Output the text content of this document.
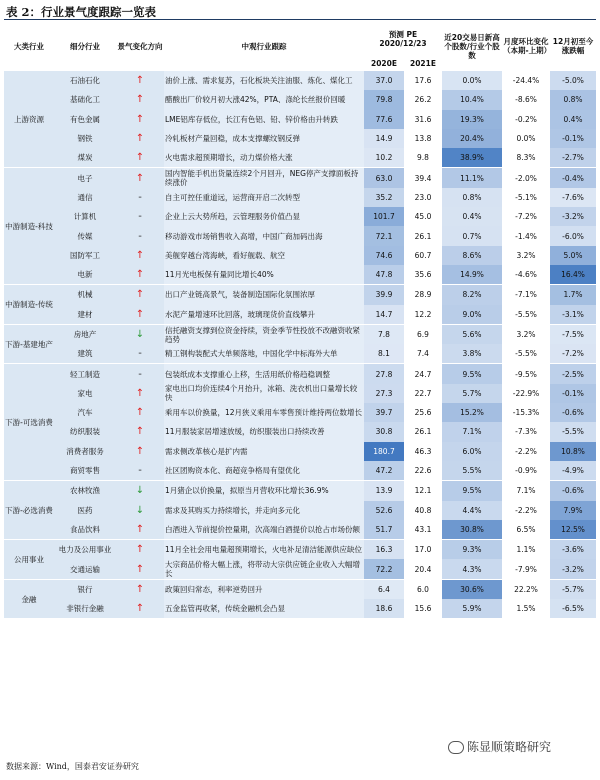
表 2：行业景气度跟踪一览表
大类行业	细分行业	景气变化方向	中观行业跟踪	预测 PE 2020/12/23		近20交易日新高个股数/行业个股数	月度环比变化（本期-上期）	12月初至今涨跌幅
				2020E	2021E			
上游资源	石油石化	↑	油价上涨、需求复苏，石化板块关注油服、炼化、煤化工	37.0	17.6	0.0%	-24.4%	-5.0%
	基础化工	↑	醋酸出厂价较月初大涨42%，PTA、涤纶长丝报价回暖	79.8	26.2	10.4%	-8.6%	0.8%
	有色金属	↑	LME铝库存低位，长江有色铝、铅、锌价格由升转跌	77.6	31.6	19.3%	-0.2%	0.4%
	钢铁	↑	冷轧板材产量回稳，成本支撑螺纹钢反弹	14.9	13.8	20.4%	0.0%	-0.1%
	煤炭	↑	火电需求超预期增长，动力煤价格大涨	10.2	9.8	38.9%	8.3%	-2.7%
中游制造-科技	电子	↑	国内智能手机出货量连续2个月回升，NEG停产支撑面板持续涨价	63.0	39.4	11.1%	-2.0%	-0.4%
	通信	-	自主可控任重道远，运营商开启二次转型	35.2	23.0	0.8%	-5.1%	-7.6%
	计算机	-	企业上云大势所趋，云管理服务价值凸显	101.7	45.0	0.4%	-7.2%	-3.2%
	传媒	-	移动游戏市场销售收入高增，中国广商加码出海	72.1	26.1	0.7%	-1.4%	-6.0%
	国防军工	↑	美舰穿越台湾海峡，看好舰载、航空	74.6	60.7	8.6%	3.2%	5.0%
	电新	↑	11月光电板保有量同比增长40%	47.8	35.6	14.9%	-4.6%	16.4%
中游制造-传统	机械	↑	出口产业链高景气，装备制造国际化氛围浓厚	39.9	28.9	8.2%	-7.1%	1.7%
	建材	↑	水泥产量增速环比回落，玻璃现货价直线攀升	14.7	12.2	9.0%	-5.5%	-3.1%
下游-基建地产	房地产	↓	信托融资支撑到位资金持续，资金季节性投放不改融资收紧趋势	7.8	6.9	5.6%	3.2%	-7.5%
	建筑	-	精工钢构装配式大单频落地，中国化学中标海外大单	8.1	7.4	3.8%	-5.5%	-7.2%
下游-可选消费	轻工制造	-	包装纸成本支撑重心上移，生活用纸价格趋稳调整	27.8	24.7	9.5%	-9.5%	-2.5%
	家电	↑	家电出口均价连续4个月抬升，冰箱、洗衣机出口量增长较快	27.3	22.7	5.7%	-22.9%	-0.1%
	汽车	↑	乘用车以价换量，12月狭义乘用车零售预计维持两位数增长	39.7	25.6	15.2%	-15.3%	-0.6%
	纺织服装	↑	11月服装家居增速放缓，纺织服装出口持续改善	30.8	26.1	7.1%	-7.3%	-5.5%
	消费者服务	↑	需求侧改革核心是扩内需	180.7	46.3	6.0%	-2.2%	10.8%
	商贸零售	-	社区团购资本化、商超竞争格局有望优化	47.2	22.6	5.5%	-0.9%	-4.9%
下游-必选消费	农林牧渔	↓	1月猪企以价换量，拟原当月营收环比增长36.9%	13.9	12.1	9.5%	7.1%	-0.6%
	医药	↓	需求及其购买力持续增长，并走向多元化	52.6	40.8	4.4%	-2.2%	7.9%
	食品饮料	↑	白酒进入节前提价控量期，次高端白酒提价以抢占市场份额	51.7	43.1	30.8%	6.5%	12.5%
公用事业	电力及公用事业	↑	11月全社会用电量超预期增长，火电补足清洁能源供应缺位	16.3	17.0	9.3%	1.1%	-3.6%
	交通运输	↑	大宗商品价格大幅上涨，将带动大宗供应链企业收入大幅增长	72.2	20.4	4.3%	-7.9%	-3.2%
金融	银行	↑	政策回归常态，利率逆势回升	6.4	6.0	30.6%	22.2%	-5.7%
	非银行金融	↑	五金监管再收紧，传统金融机会凸显	18.6	15.6	5.9%	1.5%	-6.5%
数据来源：Wind，国泰君安证券研究
陈显顺策略研究
